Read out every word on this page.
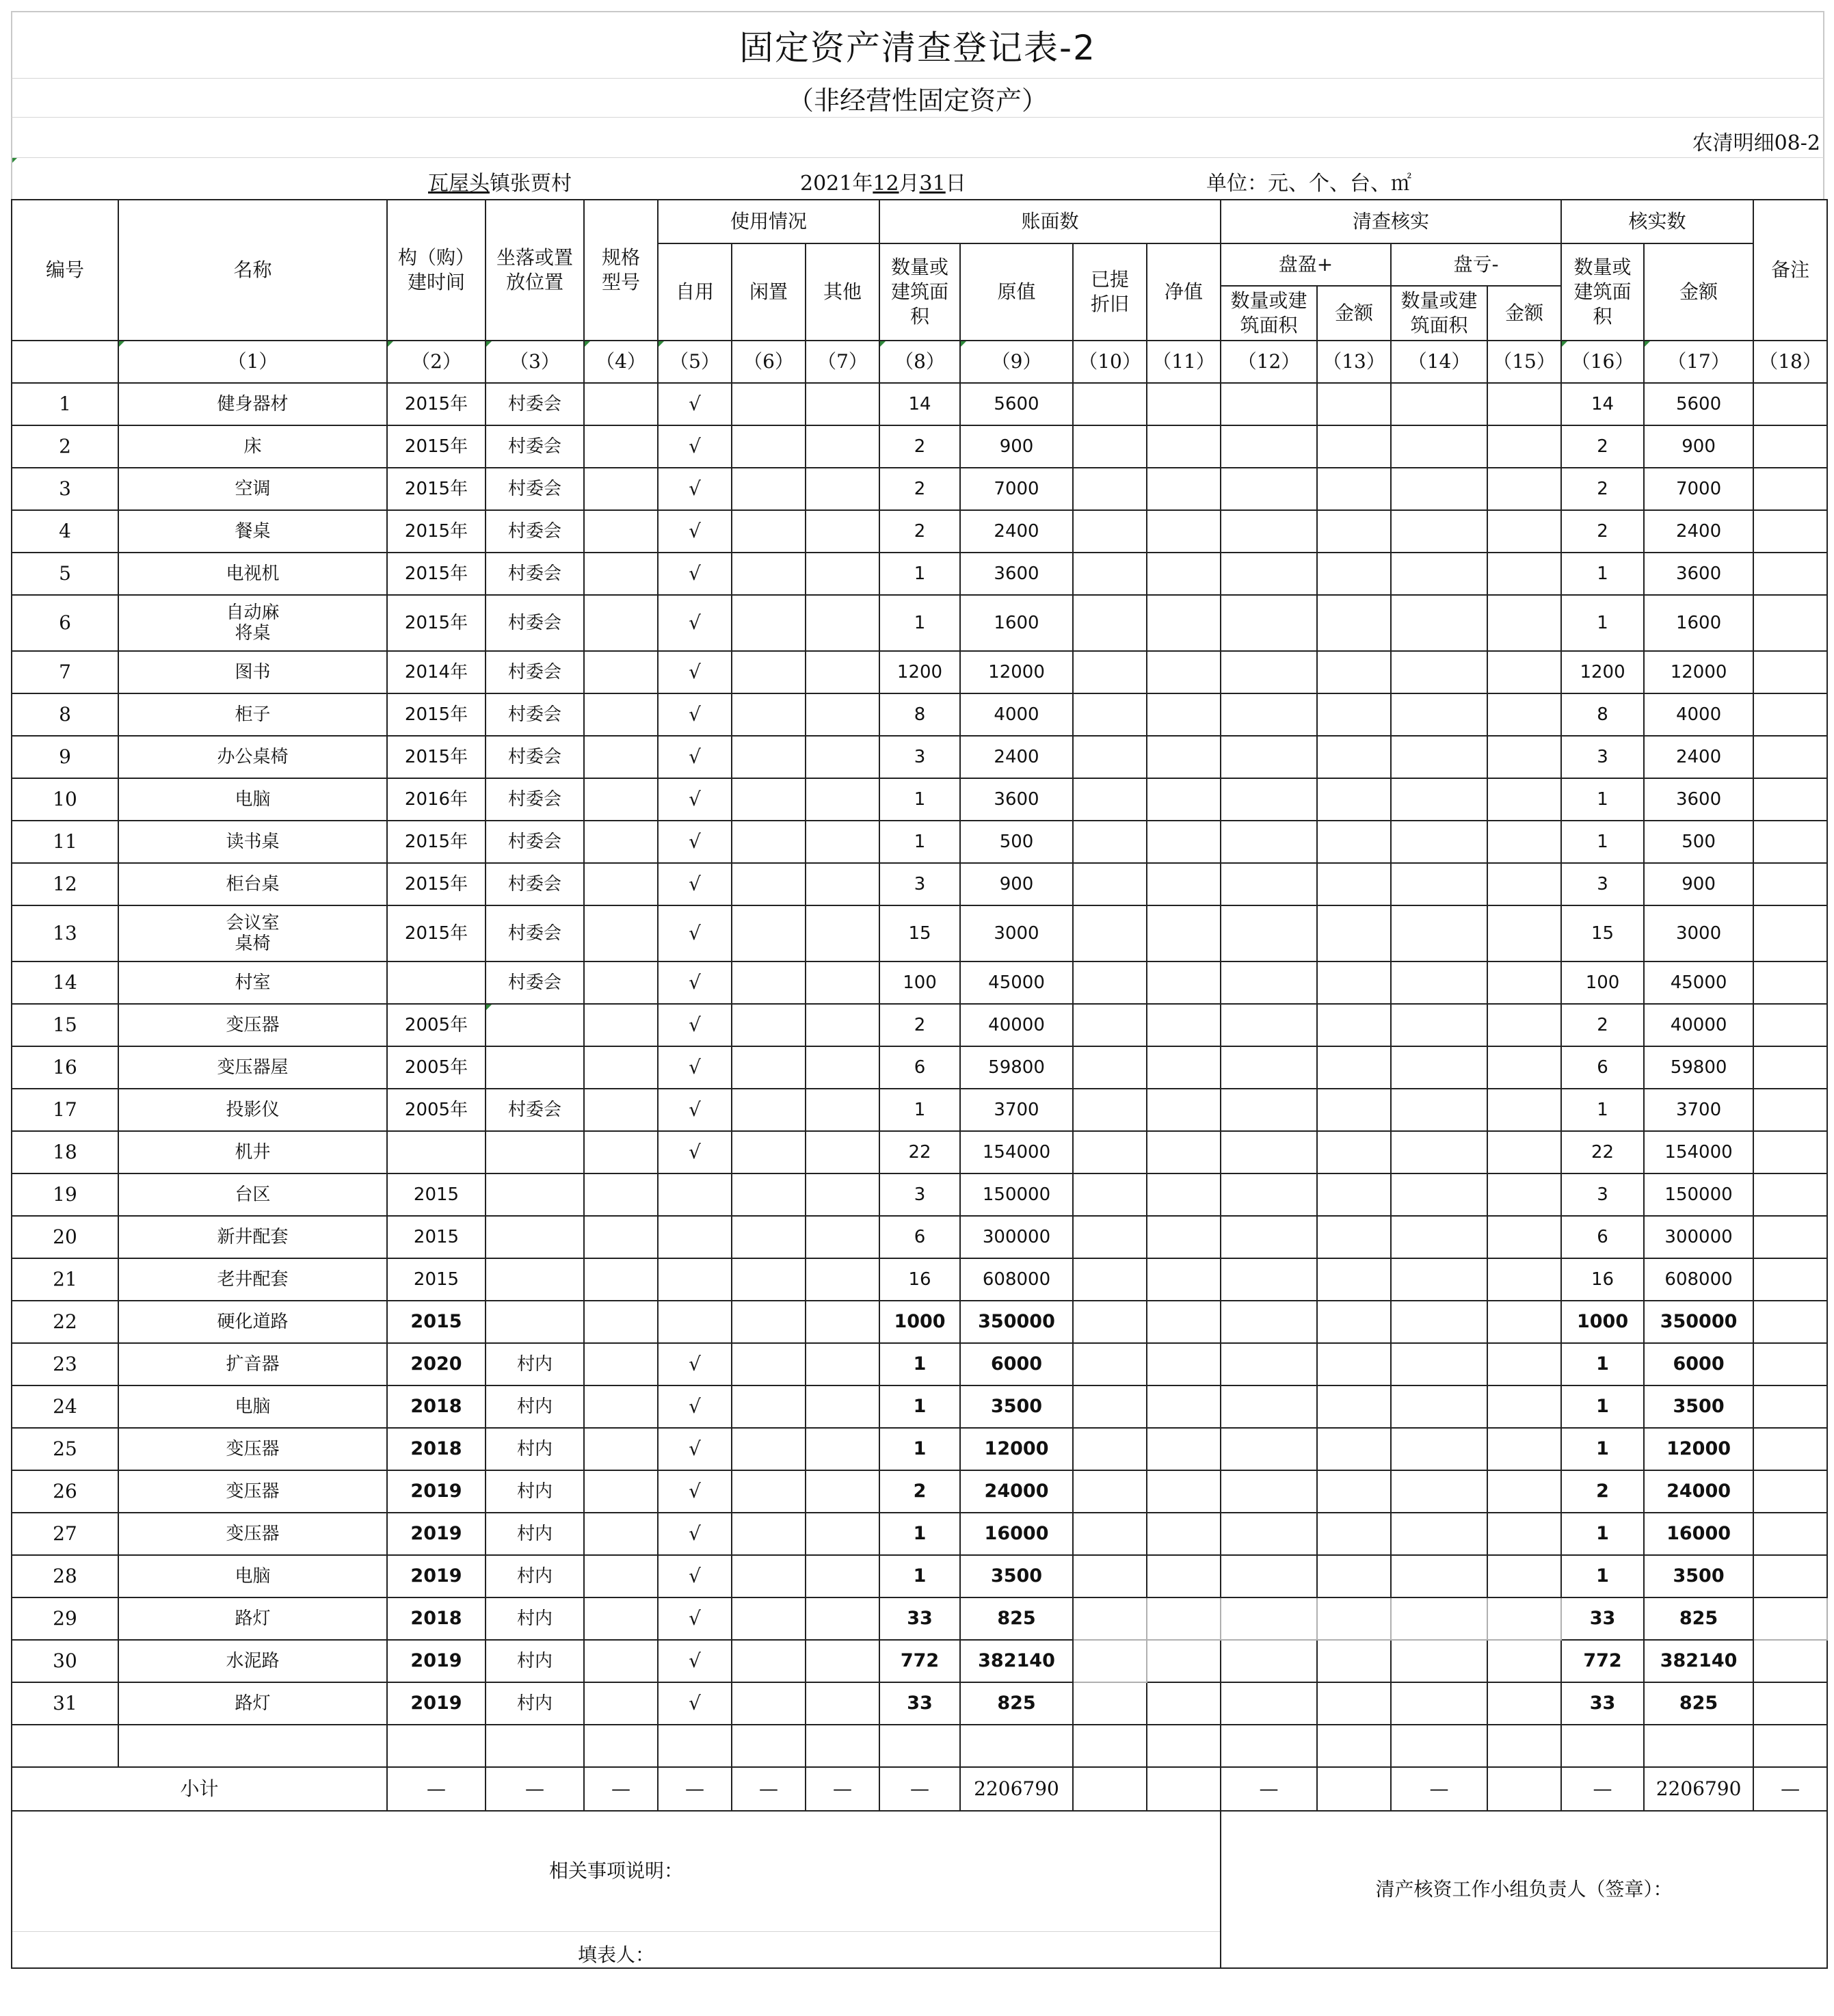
固定资产清查登记表-2
（非经营性固定资产）
农清明细08-2
瓦屋头镇张贾村	2021年12月31日	单位：元、个、台、㎡
编号	名称	构（购）建时间	坐落或置放位置	规格型号	使用情况			账面数				清查核实				核实数		备注
					自用	闲置	其他	数量或建筑面积	原值	已提折旧	净值	盘盈+		盘亏-		数量或建筑面积	金额	

												数量或建筑面积	金额	数量或建筑面积	金额			
	（1）	（2）	（3）	（4）	（5）	（6）	（7）	（8）	（9）	（10）	（11）	（12）	（13）	（14）	（15）	（16）	（17）	（18）
1	健身器材	2015年	村委会		√			14	5600							14	5600	
2	床	2015年	村委会		√			2	900							2	900	
3	空调	2015年	村委会		√			2	7000							2	7000	
4	餐桌	2015年	村委会		√			2	2400							2	2400	
5	电视机	2015年	村委会		√			1	3600							1	3600	
6	自动麻将桌	2015年	村委会		√			1	1600							1	1600	
7	图书	2014年	村委会		√			1200	12000							1200	12000	
8	柜子	2015年	村委会		√			8	4000							8	4000	
9	办公桌椅	2015年	村委会		√			3	2400							3	2400	
10	电脑	2016年	村委会		√			1	3600							1	3600	
11	读书桌	2015年	村委会		√			1	500							1	500	
12	柜台桌	2015年	村委会		√			3	900							3	900	
13	会议室桌椅	2015年	村委会		√			15	3000							15	3000	
14	村室		村委会		√			100	45000							100	45000	
15	变压器	2005年			√			2	40000							2	40000	
16	变压器屋	2005年			√			6	59800							6	59800	
17	投影仪	2005年	村委会		√			1	3700							1	3700	
18	机井				√			22	154000							22	154000	
19	台区	2015						3	150000							3	150000	
20	新井配套	2015						6	300000							6	300000	
21	老井配套	2015						16	608000							16	608000	
22	硬化道路	2015						1000	350000							1000	350000	
23	扩音器	2020	村内		√			1	6000							1	6000	
24	电脑	2018	村内		√			1	3500							1	3500	
25	变压器	2018	村内		√			1	12000							1	12000	
26	变压器	2019	村内		√			2	24000							2	24000	
27	变压器	2019	村内		√			1	16000							1	16000	
28	电脑	2019	村内		√			1	3500							1	3500	
29	路灯	2018	村内		√			33	825							33	825	
30	水泥路	2019	村内		√			772	382140							772	382140	
31	路灯	2019	村内		√			33	825							33	825	

小计		—	—	—	—	—	—	—	2206790			—		—		—	2206790	—
相关事项说明：												清产核资工作小组负责人（签章）：						
填表人：																		
